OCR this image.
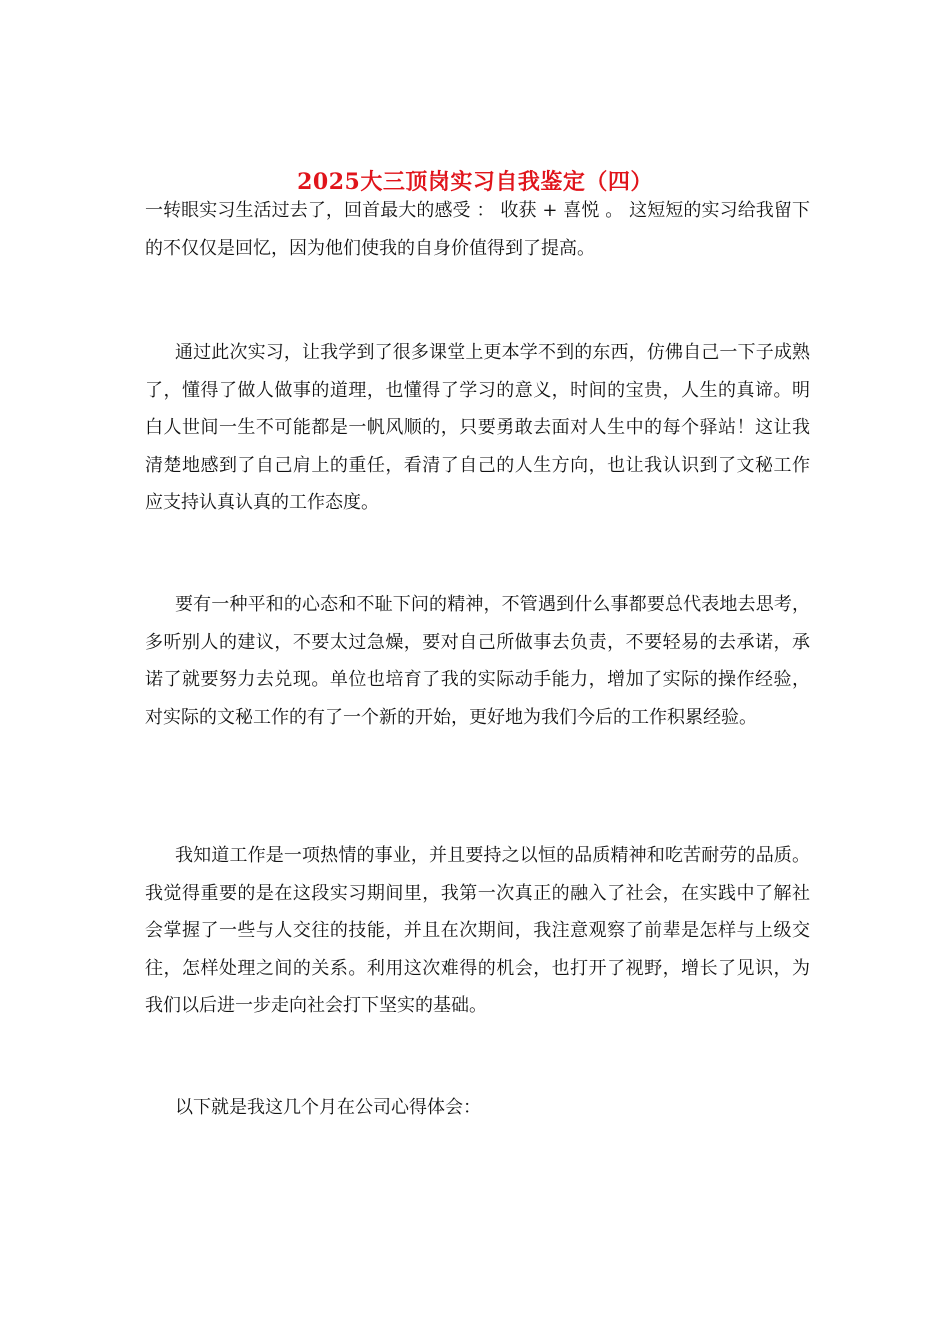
2025大三顶岗实习自我鉴定（四）

一转眼实习生活过去了，回首最大的感受 ： 收获 + 喜悦 。 这短短的实习给我留下的不仅仅是回忆，因为他们使我的自身价值得到了提高。

通过此次实习，让我学到了很多课堂上更本学不到的东西，仿佛自己一下子成熟了，懂得了做人做事的道理，也懂得了学习的意义，时间的宝贵，人生的真谛。明白人世间一生不可能都是一帆风顺的，只要勇敢去面对人生中的每个驿站！这让我清楚地感到了自己肩上的重任，看清了自己的人生方向，也让我认识到了文秘工作应支持认真认真的工作态度。

要有一种平和的心态和不耻下问的精神，不管遇到什么事都要总代表地去思考，多听别人的建议，不要太过急燥，要对自己所做事去负责，不要轻易的去承诺，承诺了就要努力去兑现。单位也培育了我的实际动手能力，增加了实际的操作经验，对实际的文秘工作的有了一个新的开始，更好地为我们今后的工作积累经验。

我知道工作是一项热情的事业，并且要持之以恒的品质精神和吃苦耐劳的品质。我觉得重要的是在这段实习期间里，我第一次真正的融入了社会，在实践中了解社会掌握了一些与人交往的技能，并且在次期间，我注意观察了前辈是怎样与上级交往，怎样处理之间的关系。利用这次难得的机会，也打开了视野，增长了见识，为我们以后进一步走向社会打下坚实的基础。

以下就是我这几个月在公司心得体会：
